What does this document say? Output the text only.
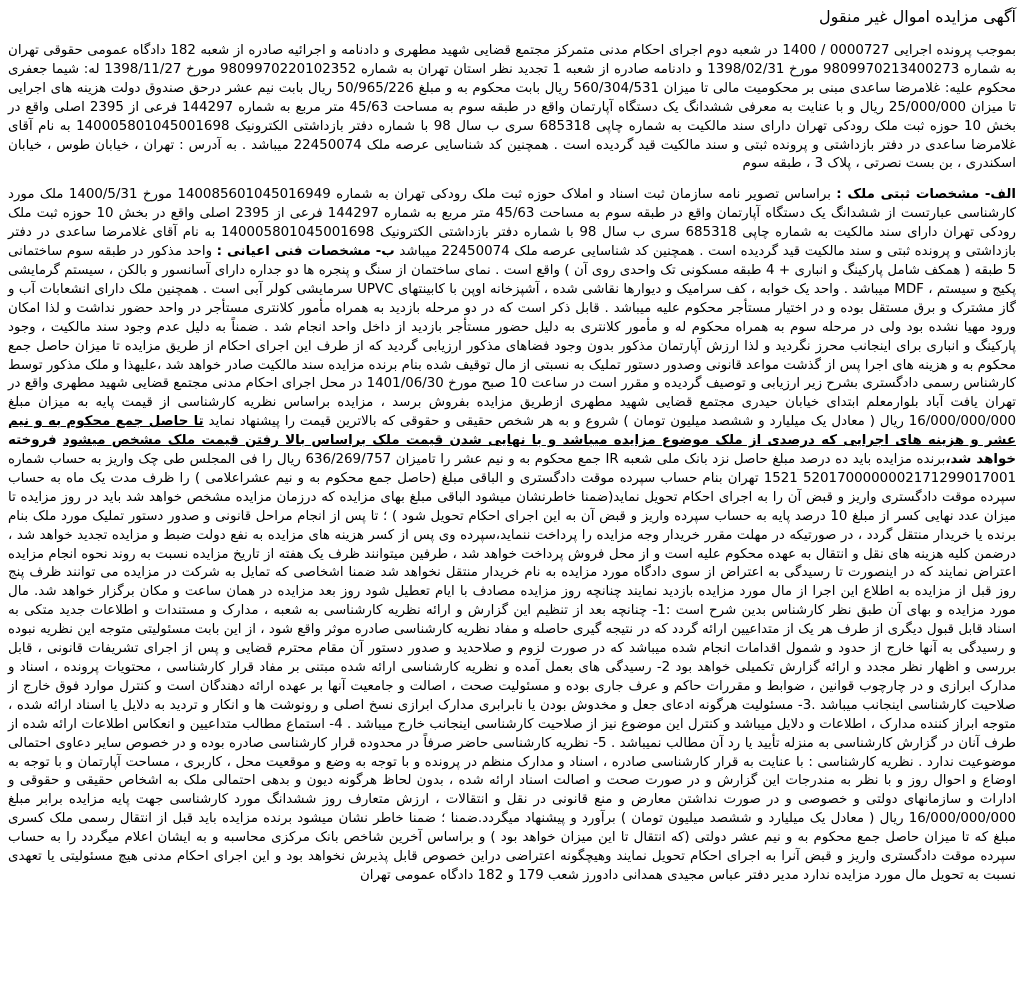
آگهی مزایده اموال غیر منقول

بموجب پرونده اجرایی 0000727 / 1400 در شعبه دوم اجرای احکام مدنی متمرکز مجتمع قضایی شهید مطهری و دادنامه و اجرائیه صادره از شعبه 182 دادگاه عمومی حقوقی تهران به شماره 9809970213400273 مورخ 1398/02/31 و دادنامه صادره از شعبه 1 تجدید نظر استان تهران به شماره 9809970220102352 مورخ 1398/11/27 له: شیما جعفری محکوم علیه: غلامرضا ساعدی مبنی بر محکومیت مالی تا میزان 560/304/531 ریال بابت محکوم به و مبلغ 50/965/226 ریال بابت نیم عشر درحق صندوق دولت هزینه های اجرایی تا میزان 25/000/000 ریال و با عنایت به معرفی ششدانگ یک دستگاه آپارتمان واقع در طبقه سوم به مساحت 45/63 متر مربع به شماره 144297 فرعی از 2395 اصلی واقع در بخش 10 حوزه ثبت ملک رودکی تهران دارای سند مالکیت به شماره چاپی 685318 سری ب سال 98 با شماره دفتر بازداشتی الکترونیک 140005801045001698 به نام آقای غلامرضا ساعدی در دفتر بازداشتی و پرونده ثبتی و سند مالکیت قید گردیده است . همچنین کد شناسایی عرصه ملک 22450074 میباشد . به آدرس : تهران ، خیابان طوس ، خیابان اسکندری ، بن بست نصرتی ، پلاک 3 ، طبقه سوم

الف- مشخصات ثبتی ملک : براساس تصویر نامه سازمان ثبت اسناد و املاک حوزه ثبت ملک رودکی تهران به شماره 140085601045016949 مورخ 1400/5/31 ملک مورد کارشناسی عبارتست از ششدانگ یک دستگاه آپارتمان واقع در طبقه سوم به مساحت 45/63 متر مربع به شماره 144297 فرعی از 2395 اصلی واقع در بخش 10 حوزه ثبت ملک رودکی تهران دارای سند مالکیت به شماره چاپی 685318 سری ب سال 98 با شماره دفتر بازداشتی الکترونیک 140005801045001698 به نام آقای غلامرضا ساعدی در دفتر بازداشتی و پرونده ثبتی و سند مالکیت قید گردیده است . همچنین کد شناسایی عرصه ملک 22450074 میباشد ب- مشخصات فنی اعیانی : واحد مذکور در طبقه سوم ساختمانی 5 طبقه ( همکف شامل پارکینگ و انباری + 4 طبقه مسکونی تک واحدی روی آن ) واقع است . نمای ساختمان از سنگ و پنجره ها دو جداره دارای آسانسور و بالکن ، سیستم گرمایشی پکیج و سیستم ، MDF میباشد . واحد یک خوابه ، کف سرامیک و دیوارها نقاشی شده ، آشپزخانه اوپن با کابینتهای UPVC سرمایشی کولر آبی است . همچنین ملک دارای انشعابات آب و گاز مشترک و برق مستقل بوده و در اختیار مستأجر محکوم علیه میباشد . قابل ذکر است که در دو مرحله بازدید به همراه مأمور کلانتری مستأجر در واحد حضور نداشت و لذا امکان ورود مهیا نشده بود ولی در مرحله سوم به همراه محکوم له و مأمور کلانتری به دلیل حضور مستأجر بازدید از داخل واحد انجام شد . ضمناً به دلیل عدم وجود سند مالکیت ، وجود پارکینگ و انباری برای اینجانب محرز نگردید و لذا ارزش آپارتمان مذکور بدون وجود فضاهای مذکور ارزیابی گردید که از طرف این اجرای احکام از طریق مزایده تا میزان حاصل جمع محکوم به و هزینه های اجرا پس از گذشت مواعد قانونی وصدور دستور تملیک به نسبتی از مال توقیف شده بنام برنده مزایده سند مالکیت صادر خواهد شد ،علیهذا و ملک مذکور توسط کارشناس رسمی دادگستری بشرح زیر ارزیابی و توصیف گردیده و مقرر است در ساعت 10 صبح مورخ 1401/06/30 در محل اجرای احکام مدنی مجتمع قضایی شهید مطهری واقع در تهران یافت آباد بلوارمعلم ابتدای خیابان حیدری مجتمع قضایی شهید مطهری ازطریق مزایده بفروش برسد ، مزایده براساس نظریه کارشناسی از قیمت پایه به میزان مبلغ 16/000/000/000 ریال ( معادل یک میلیارد و ششصد میلیون تومان ) شروع و به هر شخص حقیقی و حقوقی که بالاترین قیمت را پیشنهاد نماید تا حاصل جمع محکوم به و نیم عشر و هزینه های اجرایی که درصدی از ملک موضوع مزایده میباشد و با نهایی شدن قیمت ملک براساس بالا رفتن قیمت ملک مشخص میشود فروخته خواهد شد،برنده مزایده باید ده درصد مبلغ حاصل نزد بانک ملی شعبه IR جمع محکوم به و نیم عشر را تامیزان 636/269/757 ریال را فی المجلس طی چک واریز به حساب شماره 5201700000002171299017001 1521 تهران بنام حساب سپرده موقت دادگستری و الباقی مبلغ (حاصل جمع محکوم به و نیم عشراعلامی ) را ظرف مدت یک ماه به حساب سپرده موقت دادگستری واریز و قبض آن را به اجرای احکام تحویل نماید(ضمنا خاطرنشان میشود الباقی مبلغ بهای مزایده که درزمان مزایده مشخص خواهد شد باید در روز مزایده تا میزان عدد نهایی کسر از مبلغ 10 درصد پایه به حساب سپرده واریز و قبض آن به این اجرای احکام تحویل شود ) ؛ تا پس از انجام مراحل قانونی و صدور دستور تملیک مورد ملک بنام برنده یا خریدار منتقل گردد ، در صورتیکه در مهلت مقرر خریدار وجه مزایده را پرداخت ننماید،سپرده وی پس از کسر هزینه های مزایده به نفع دولت ضبط و مزایده تجدید خواهد شد ، درضمن کلیه هزینه های نقل و انتقال به عهده محکوم علیه است و از محل فروش پرداخت خواهد شد ، طرفین میتوانند ظرف یک هفته از تاریخ مزایده نسبت به روند نحوه انجام مزایده اعتراض نمایند که در اینصورت تا رسیدگی به اعتراض از سوی دادگاه مورد مزایده به نام خریدار منتقل نخواهد شد ضمنا اشخاصی که تمایل به شرکت در مزایده می توانند ظرف پنج روز قبل از مزایده به اطلاع این اجرا از مال مورد مزایده بازدید نمایند چنانچه روز مزایده مصادف با ایام تعطیل شود روز بعد مزایده در همان ساعت و مکان برگزار خواهد شد. مال مورد مزایده و بهای آن طبق نظر کارشناس بدین شرح است :1- چنانچه بعد از تنظیم این گزارش و ارائه نظریه کارشناسی به شعبه ، مدارک و مستندات و اطلاعات جدید متکی به اسناد قابل قبول دیگری از طرف هر یک از متداعیین ارائه گردد که در نتیجه گیری حاصله و مفاد نظریه کارشناسی صادره موثر واقع شود ، از این بابت مسئولیتی متوجه این نظریه نبوده و رسیدگی به آنها خارج از حدود و شمول اقدامات انجام شده میباشد که در صورت لزوم و صلاحدید و صدور دستور آن مقام محترم قضایی و پس از اجرای تشریفات قانونی ، قابل بررسی و اظهار نظر مجدد و ارائه گزارش تکمیلی خواهد بود 2- رسیدگی های بعمل آمده و نظریه کارشناسی ارائه شده مبتنی بر مفاد قرار کارشناسی ، محتویات پرونده ، اسناد و مدارک ابرازی و در چارچوب قوانین ، ضوابط و مقررات حاکم و عرف جاری بوده و مسئولیت صحت ، اصالت و جامعیت آنها بر عهده ارائه دهندگان است و کنترل موارد فوق خارج از صلاحیت کارشناسی اینجانب میباشد .3- مسئولیت هرگونه ادعای جعل و مخدوش بودن یا نابرابری مدارک ابرازی نسخ اصلی و رونوشت ها و انکار و تردید به دلایل یا اسناد ارائه شده ، متوجه ابراز کننده مدارک ، اطلاعات و دلایل میباشد و کنترل این موضوع نیز از صلاحیت کارشناسی اینجانب خارج میباشد . 4- استماع مطالب متداعیین و انعکاس اطلاعات ارائه شده از طرف آنان در گزارش کارشناسی به منزله تأیید یا رد آن مطالب نمیباشد . 5- نظریه کارشناسی حاضر صرفاً در محدوده قرار کارشناسی صادره بوده و در خصوص سایر دعاوی احتمالی موضوعیت ندارد . نظریه کارشناسی : با عنایت به قرار کارشناسی صادره ، اسناد و مدارک منظم در پرونده و با توجه به وضع و موقعیت محل ، کاربری ، مساحت آپارتمان و با توجه به اوضاع و احوال روز و با نظر به مندرجات این گزارش و در صورت صحت و اصالت اسناد ارائه شده ، بدون لحاظ هرگونه دیون و بدهی احتمالی ملک به اشخاص حقیقی و حقوقی و ادارات و سازمانهای دولتی و خصوصی و در صورت نداشتن معارض و منع قانونی در نقل و انتقالات ، ارزش متعارف روز ششدانگ مورد کارشناسی جهت پایه مزایده برابر مبلغ 16/000/000/000 ریال ( معادل یک میلیارد و ششصد میلیون تومان ) برآورد و پیشنهاد میگردد.ضمنا ؛ ضمنا خاطر نشان میشود برنده مزایده باید قبل از انتقال رسمی ملک کسری مبلغ که تا میزان حاصل جمع محکوم به و نیم عشر دولتی (که انتقال تا این میزان خواهد بود ) و براساس آخرین شاخص بانک مرکزی محاسبه و به ایشان اعلام میگردد را به حساب سپرده موقت دادگستری واریز و قبض آنرا به اجرای احکام تحویل نمایند وهیچگونه اعتراضی دراین خصوص قابل پذیرش نخواهد بود و این اجرای احکام مدنی هیچ مسئولیتی یا تعهدی نسبت به تحویل مال مورد مزایده ندارد مدیر دفتر عباس مجیدی همدانی دادورز شعب 179 و 182 دادگاه عمومی تهران
